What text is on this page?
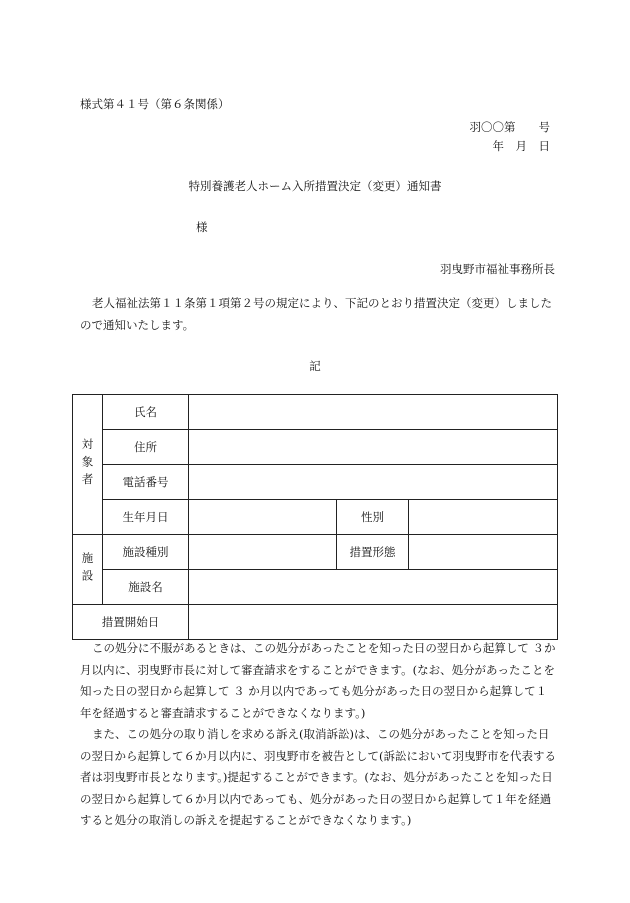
様式第４１号（第６条関係）
羽〇〇第　　号
年　月　日
特別養護老人ホーム入所措置決定（変更）通知書
様
羽曳野市福祉事務所長
老人福祉法第１１条第１項第２号の規定により、下記のとおり措置決定（変更）しましたので通知いたします。
記
対象者	氏名			
	住所			
	電話番号			
	生年月日		性別	
施設	施設種別		措置形態	
	施設名			
措置開始日				

この処分に不服があるときは、この処分があったことを知った日の翌日から起算して ３か月以内に、羽曳野市長に対して審査請求をすることができます。(なお、処分があったことを知った日の翌日から起算して ３ か月以内であっても処分があった日の翌日から起算して１年を経過すると審査請求することができなくなります。)

また、この処分の取り消しを求める訴え(取消訴訟)は、この処分があったことを知った日の翌日から起算して６か月以内に、羽曳野市を被告として(訴訟において羽曳野市を代表する者は羽曳野市長となります。)提起することができます。(なお、処分があったことを知った日の翌日から起算して６か月以内であっても、処分があった日の翌日から起算して１年を経過すると処分の取消しの訴えを提起することができなくなります。)
